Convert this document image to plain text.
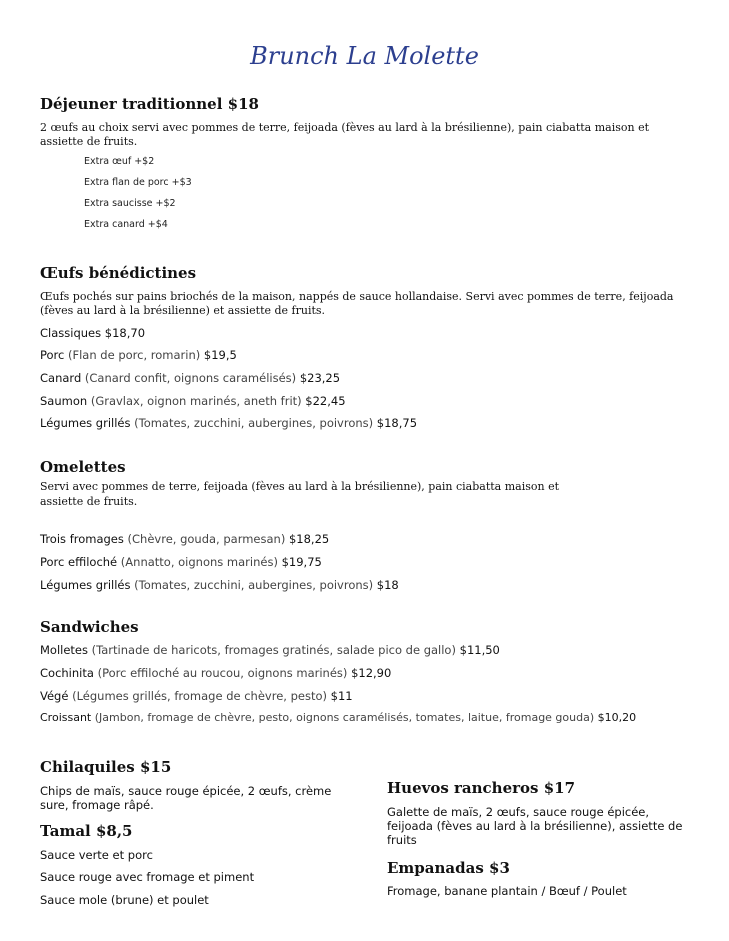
Brunch La Molette
Déjeuner traditionnel $18
2 œufs au choix servi avec pommes de terre, feijoada (fèves au lard à la brésilienne), pain ciabatta maison et assiette de fruits.
Extra œuf +$2
Extra flan de porc +$3
Extra saucisse +$2
Extra canard +$4
Œufs bénédictines
Œufs pochés sur pains briochés de la maison, nappés de sauce hollandaise. Servi avec pommes de terre, feijoada (fèves au lard à la brésilienne) et assiette de fruits.
Classiques $18,70
Porc (Flan de porc, romarin) $19,5
Canard (Canard confit, oignons caramélisés) $23,25
Saumon (Gravlax, oignon marinés, aneth frit) $22,45
Légumes grillés (Tomates, zucchini, aubergines, poivrons) $18,75
Omelettes
Servi avec pommes de terre, feijoada (fèves au lard à la brésilienne), pain ciabatta maison et
assiette de fruits.
Trois fromages (Chèvre, gouda, parmesan) $18,25
Porc effiloché (Annatto, oignons marinés) $19,75
Légumes grillés (Tomates, zucchini, aubergines, poivrons) $18
Sandwiches
Molletes (Tartinade de haricots, fromages gratinés, salade pico de gallo) $11,50
Cochinita (Porc effiloché au roucou, oignons marinés) $12,90
Végé (Légumes grillés, fromage de chèvre, pesto) $11
Croissant (Jambon, fromage de chèvre, pesto, oignons caramélisés, tomates, laitue, fromage gouda) $10,20
Chilaquiles $15
Chips de maïs, sauce rouge épicée, 2 œufs, crème sure, fromage râpé.
Tamal $8,5
Sauce verte et porc
Sauce rouge avec fromage et piment
Sauce mole (brune) et poulet
Huevos rancheros $17
Galette de maïs, 2 œufs, sauce rouge épicée, feijoada (fèves au lard à la brésilienne), assiette de fruits
Empanadas $3
Fromage, banane plantain / Bœuf / Poulet
